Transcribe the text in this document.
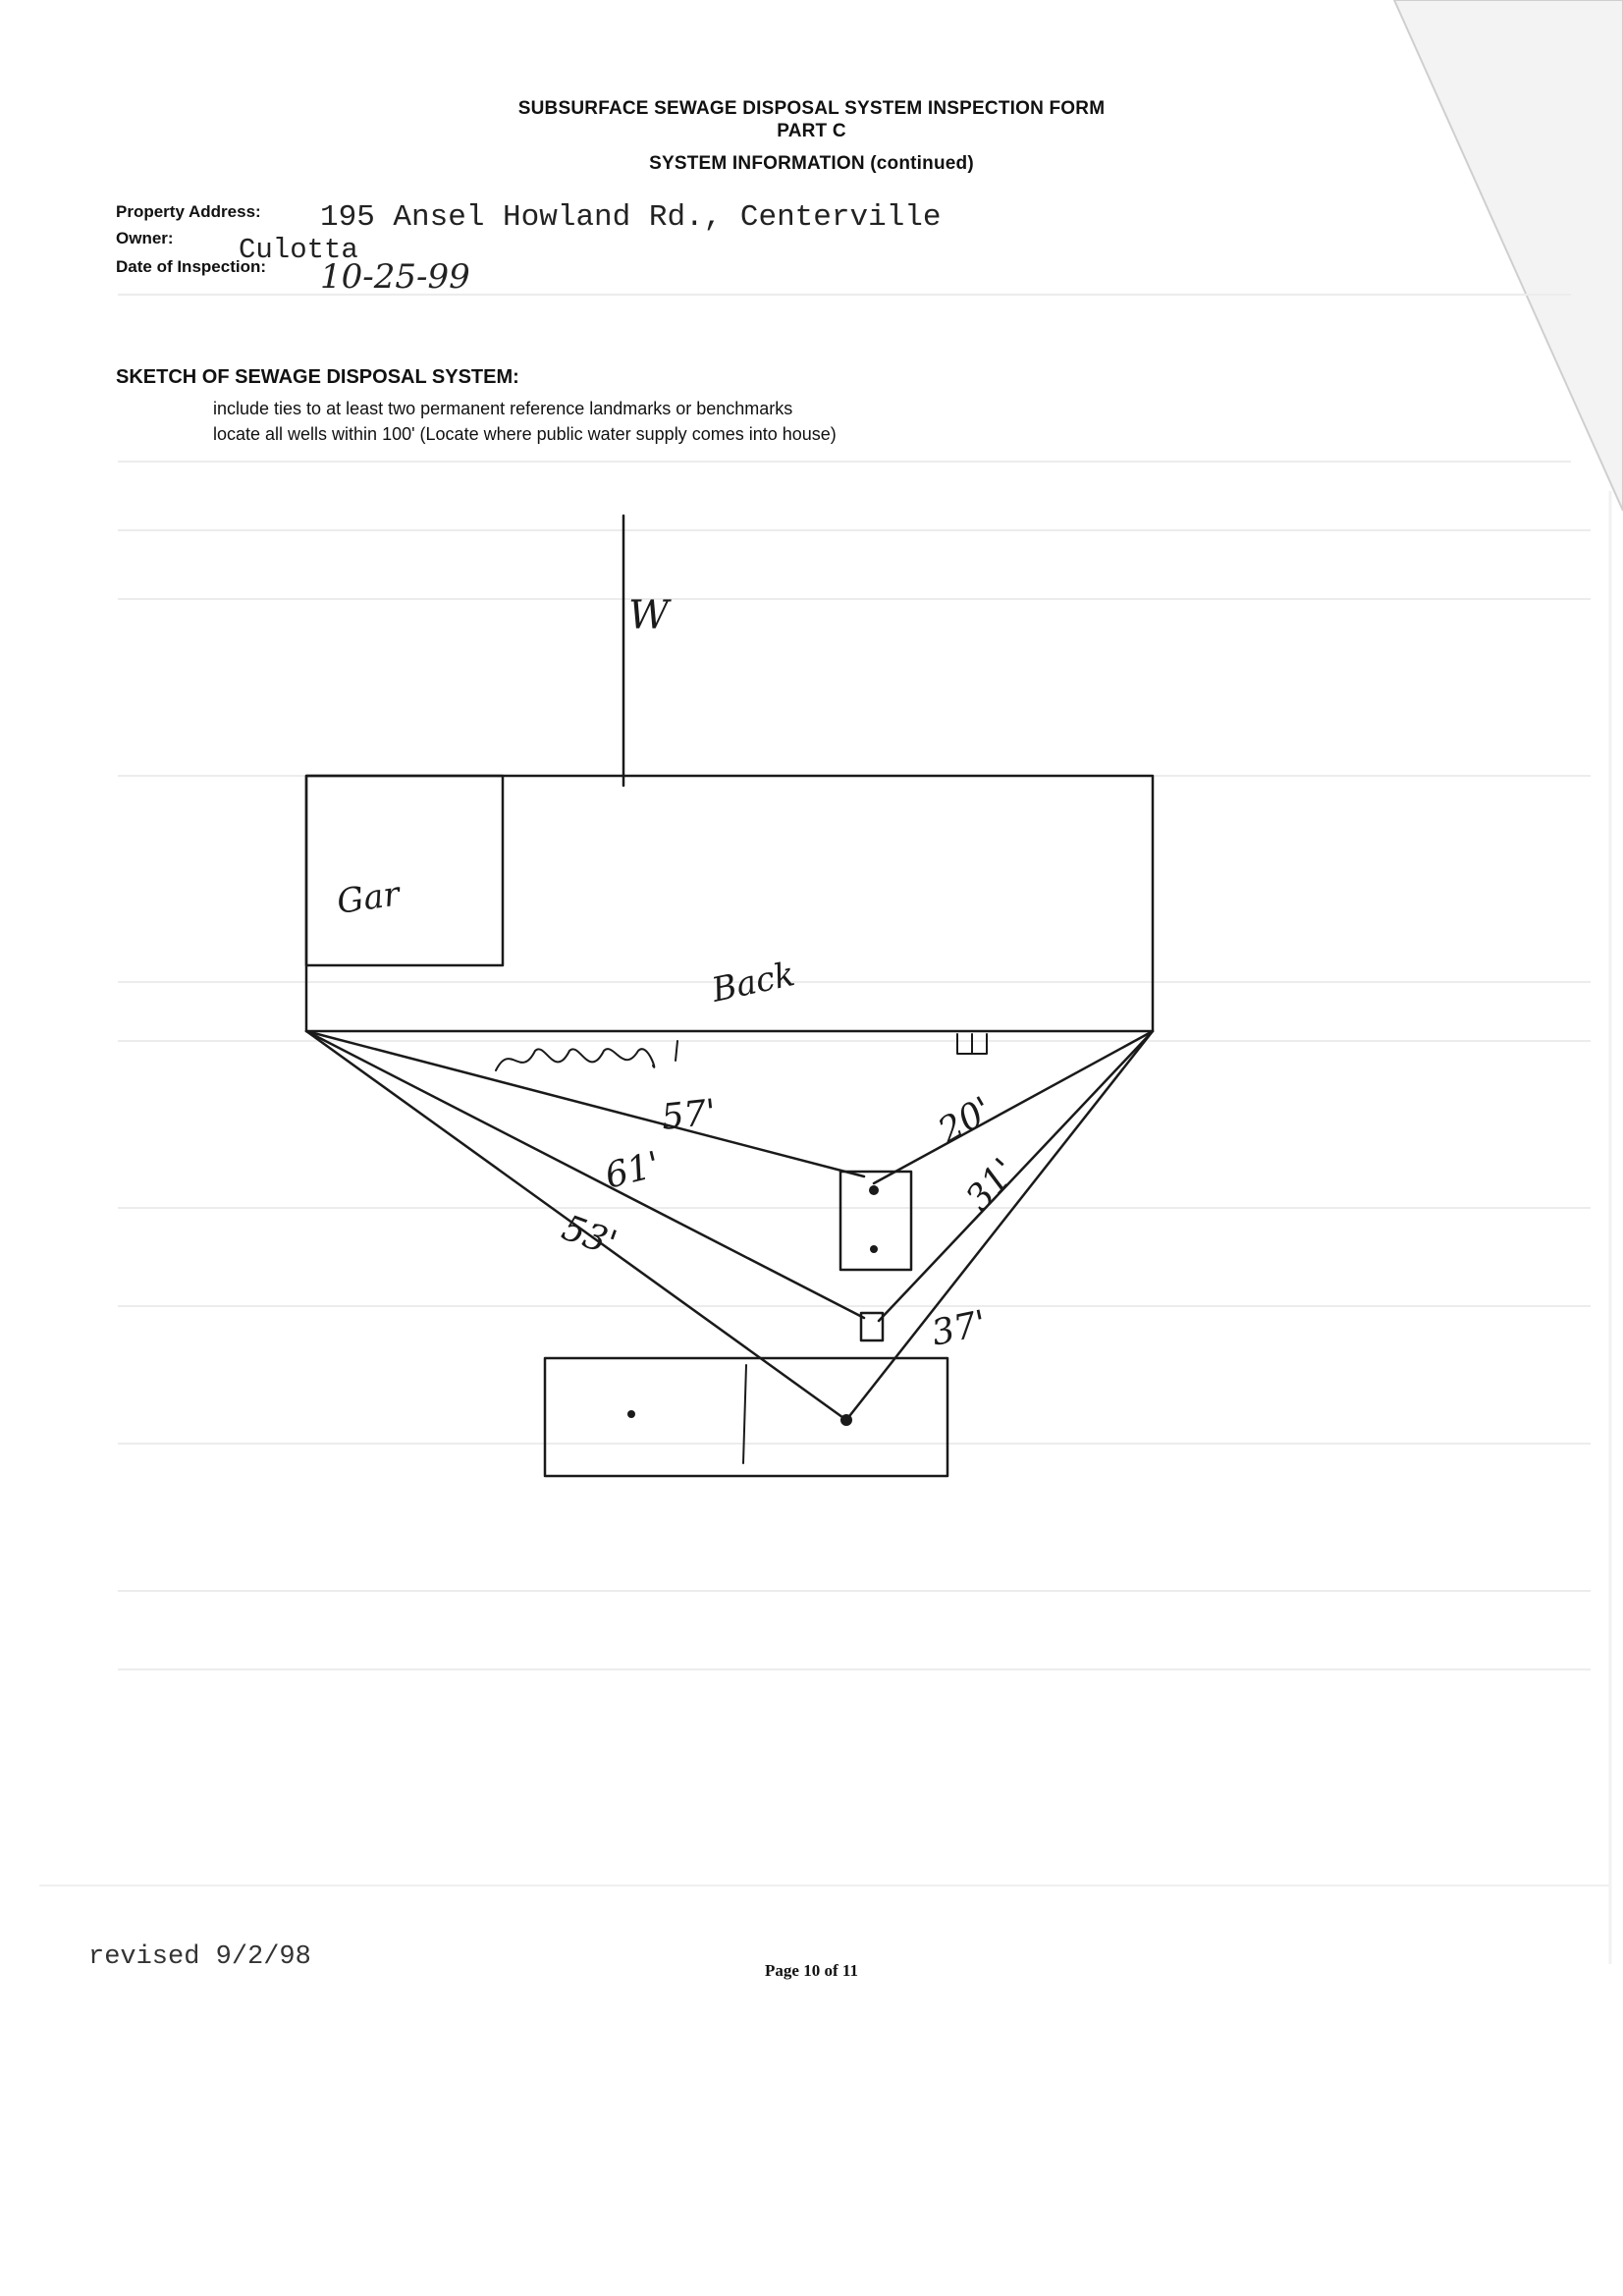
SUBSURFACE SEWAGE DISPOSAL SYSTEM INSPECTION FORM
PART C
SYSTEM INFORMATION (continued)
Property Address: 195 Ansel Howland Rd., Centerville
Owner: Culotta
Date of Inspection: 10-25-99
SKETCH OF SEWAGE DISPOSAL SYSTEM:
include ties to at least two permanent reference landmarks or benchmarks
locate all wells within 100' (Locate where public water supply comes into house)
W
Gar
Back
57'
61'
53'
20'
31'
37'
revised 9/2/98	Page 10 of 11
